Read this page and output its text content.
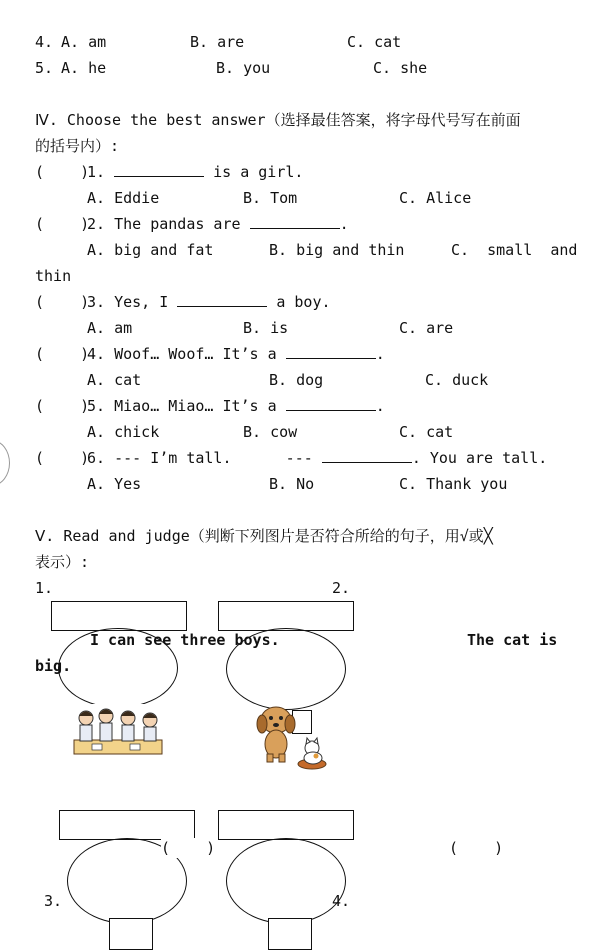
4. A. am	B. are	C. cat
5. A. he	B. you	C. she
Ⅳ. Choose the best answer（选择最佳答案，将字母代号写在前面
的括号内）:
(    )
1.	is a girl.
A. Eddie	B. Tom	C. Alice
(    )
2. The pandas are	.
A. big and fat	B. big and thin	C.  small  and
thin
(    )
3. Yes, I	a boy.
A. am	B. is	C. are
(    )
4. Woof… Woof… It’s a	.
A. cat	B. dog	C. duck
(    )
5. Miao… Miao… It’s a	.
A. chick	B. cow	C. cat
(    )
6. --- I’m tall.      ---	. You are tall.
A. Yes	B. No	C. Thank you
Ⅴ. Read and judge（判断下列图片是否符合所给的句子，用√或╳
表示）:
1.	2.
I can see three boys.	The cat is
big.
(    )	(    )
3.	4.
